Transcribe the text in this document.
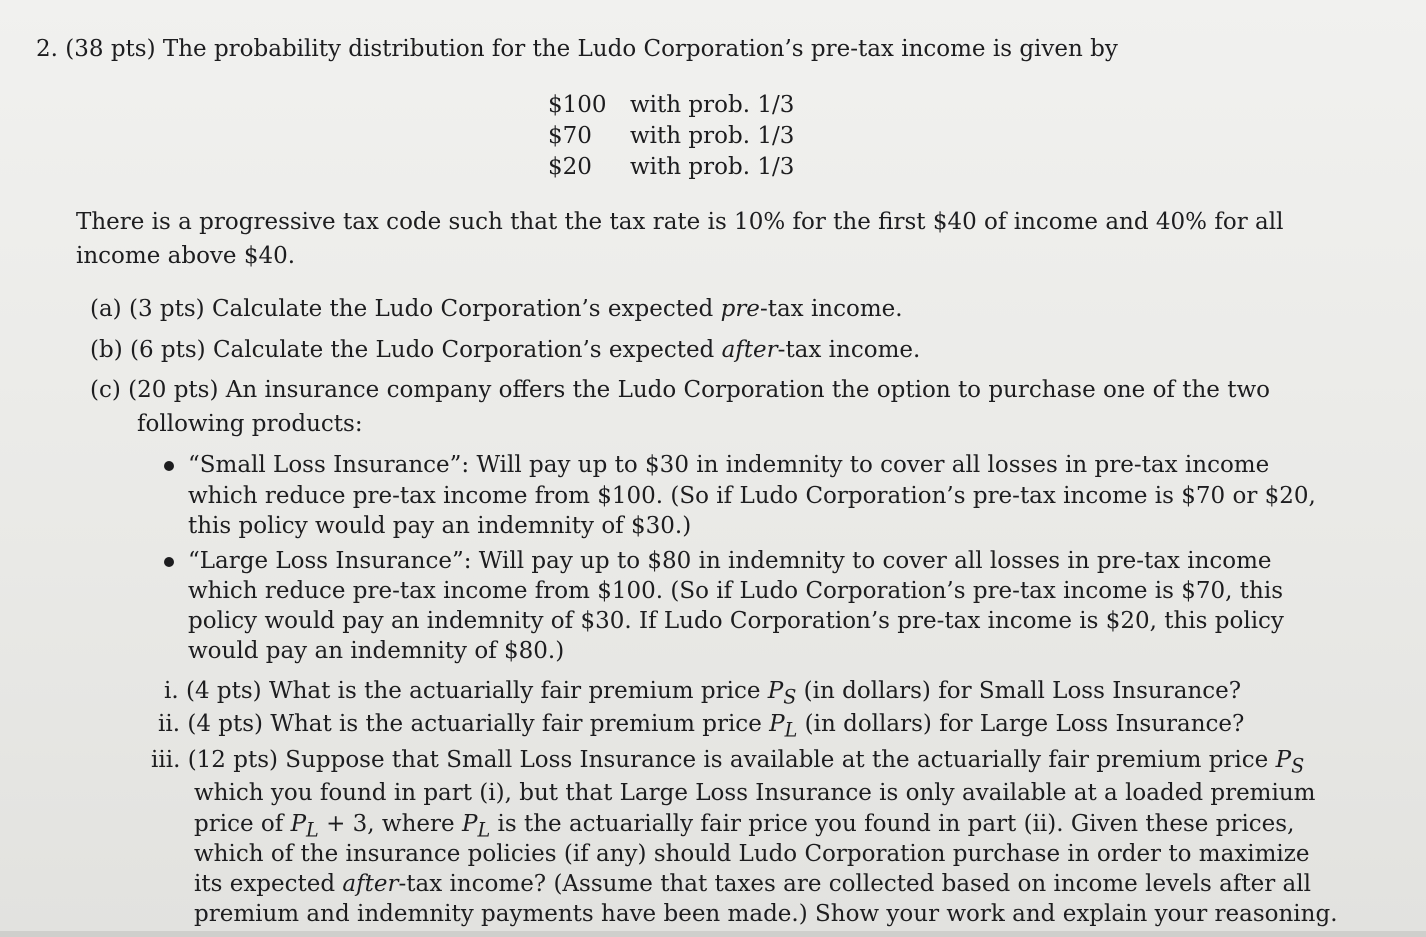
2. (38 pts) The probability distribution for the Ludo Corporation’s pre-tax income is given by
$100	with prob. 1/3
$70	with prob. 1/3
$20	with prob. 1/3
There is a progressive tax code such that the tax rate is 10% for the first $40 of income and 40% for all
income above $40.
(a) (3 pts) Calculate the Ludo Corporation’s expected pre-tax income.
(b) (6 pts) Calculate the Ludo Corporation’s expected after-tax income.
(c) (20 pts) An insurance company offers the Ludo Corporation the option to purchase one of the two
following products:
“Small Loss Insurance”: Will pay up to $30 in indemnity to cover all losses in pre-tax income
which reduce pre-tax income from $100. (So if Ludo Corporation’s pre-tax income is $70 or $20,
this policy would pay an indemnity of $30.)
“Large Loss Insurance”: Will pay up to $80 in indemnity to cover all losses in pre-tax income
which reduce pre-tax income from $100. (So if Ludo Corporation’s pre-tax income is $70, this
policy would pay an indemnity of $30. If Ludo Corporation’s pre-tax income is $20, this policy
would pay an indemnity of $80.)
i. (4 pts) What is the actuarially fair premium price $P_S$ (in dollars) for Small Loss Insurance?
ii. (4 pts) What is the actuarially fair premium price $P_L$ (in dollars) for Large Loss Insurance?
iii. (12 pts) Suppose that Small Loss Insurance is available at the actuarially fair premium price $P_S$
which you found in part (i), but that Large Loss Insurance is only available at a loaded premium
price of $P_L + 3$, where $P_L$ is the actuarially fair price you found in part (ii). Given these prices,
which of the insurance policies (if any) should Ludo Corporation purchase in order to maximize
its expected after-tax income? (Assume that taxes are collected based on income levels after all
premium and indemnity payments have been made.) Show your work and explain your reasoning.
